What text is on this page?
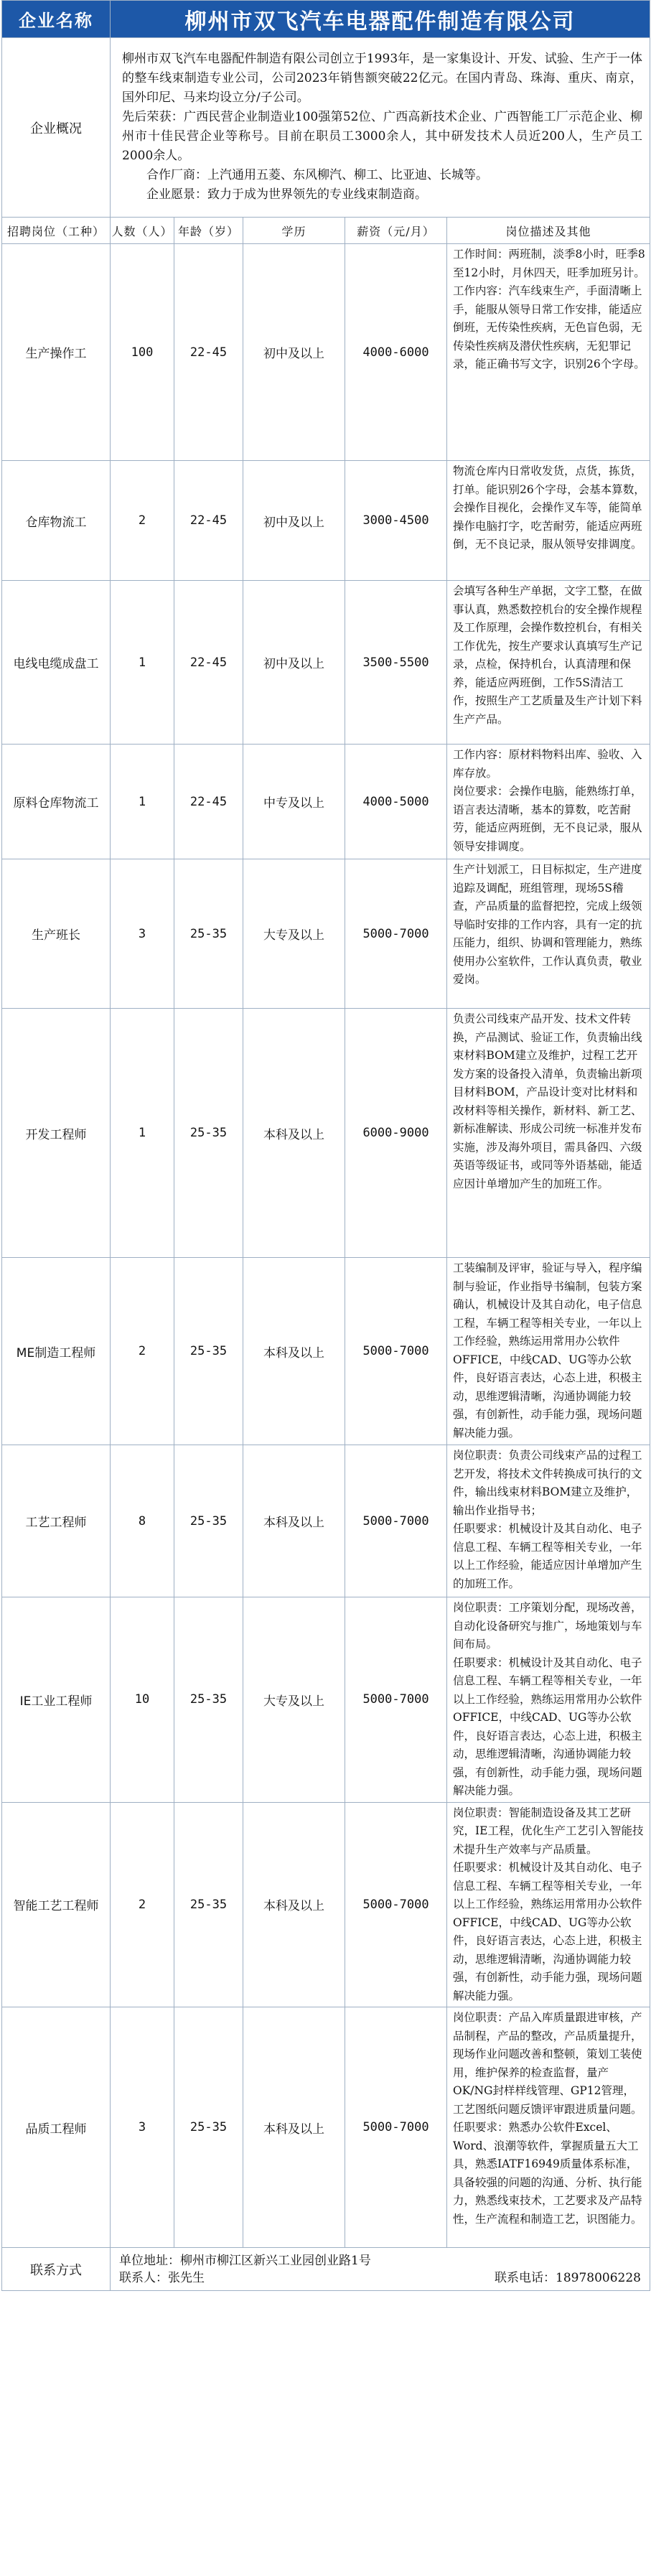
企业名称	柳州市双飞汽车电器配件制造有限公司				
企业概况	柳州市双飞汽车电器配件制造有限公司创立于1993年，是一家集设计、开发、试验、生产于一体的整车线束制造专业公司，公司2023年销售额突破22亿元。在国内青岛、珠海、重庆、南京，国外印尼、马来均设立分/子公司。

先后荣获：广西民营企业制造业100强第52位、广西高新技术企业、广西智能工厂示范企业、柳州市十佳民营企业等称号。目前在职员工3000余人，其中研发技术人员近200人，生产员工2000余人。

合作厂商：上汽通用五菱、东风柳汽、柳工、比亚迪、长城等。

企业愿景：致力于成为世界领先的专业线束制造商。				

招聘岗位（工种）	人数（人）	年龄（岁）	学历	薪资（元/月）	岗位描述及其他
生产操作工	100	22-45	初中及以上	4000-6000	工作时间：两班制，淡季8小时，旺季8至12小时，月休四天，旺季加班另计。

工作内容：汽车线束生产，手面清晰上手，能服从领导日常工作安排，能适应倒班，无传染性疾病，无色盲色弱，无传染性疾病及潜伏性疾病，无犯罪记录，能正确书写文字，识别26个字母。

仓库物流工	2	22-45	初中及以上	3000-4500	物流仓库内日常收发货，点货，拣货，打单。能识别26个字母，会基本算数，会操作目视化，会操作叉车等，能简单操作电脑打字，吃苦耐劳，能适应两班倒，无不良记录，服从领导安排调度。

电线电缆成盘工	1	22-45	初中及以上	3500-5500	会填写各种生产单据，文字工整，在做事认真，熟悉数控机台的安全操作规程及工作原理，会操作数控机台，有相关工作优先，按生产要求认真填写生产记录，点检，保持机台，认真清理和保养，能适应两班倒，工作5S清洁工作，按照生产工艺质量及生产计划下料生产产品。

原料仓库物流工	1	22-45	中专及以上	4000-5000	工作内容：原材料物料出库、验收、入库存放。

岗位要求：会操作电脑，能熟练打单，语言表达清晰，基本的算数，吃苦耐劳，能适应两班倒，无不良记录，服从领导安排调度。

生产班长	3	25-35	大专及以上	5000-7000	生产计划派工，日目标拟定，生产进度追踪及调配，班组管理，现场5S稽查，产品质量的监督把控，完成上级领导临时安排的工作内容，具有一定的抗压能力，组织、协调和管理能力，熟练使用办公室软件，工作认真负责，敬业爱岗。

开发工程师	1	25-35	本科及以上	6000-9000	负责公司线束产品开发、技术文件转换，产品测试、验证工作，负责输出线束材料BOM建立及维护，过程工艺开发方案的设备投入清单，负责输出新项目材料BOM，产品设计变对比材料和改材料等相关操作，新材料、新工艺、新标准解读、形成公司统一标准并发布实施，涉及海外项目，需具备四、六级英语等级证书，或同等外语基础，能适应因计单增加产生的加班工作。

ME制造工程师	2	25-35	本科及以上	5000-7000	工装编制及评审，验证与导入，程序编制与验证，作业指导书编制，包装方案确认，机械设计及其自动化，电子信息工程，车辆工程等相关专业，一年以上工作经验，熟练运用常用办公软件OFFICE，中线CAD、UG等办公软件，良好语言表达，心态上进，积极主动，思维逻辑清晰，沟通协调能力较强，有创新性，动手能力强，现场问题解决能力强。

工艺工程师	8	25-35	本科及以上	5000-7000	岗位职责：负责公司线束产品的过程工艺开发，将技术文件转换成可执行的文件，输出线束材料BOM建立及维护，输出作业指导书；

任职要求：机械设计及其自动化、电子信息工程、车辆工程等相关专业，一年以上工作经验，能适应因计单增加产生的加班工作。

IE工业工程师	10	25-35	大专及以上	5000-7000	岗位职责：工序策划分配，现场改善，自动化设备研究与推广，场地策划与车间布局。

任职要求：机械设计及其自动化、电子信息工程、车辆工程等相关专业，一年以上工作经验，熟练运用常用办公软件 OFFICE，中线CAD、UG等办公软件，良好语言表达，心态上进，积极主动，思维逻辑清晰，沟通协调能力较强，有创新性，动手能力强，现场问题解决能力强。

智能工艺工程师	2	25-35	本科及以上	5000-7000	岗位职责：智能制造设备及其工艺研究，IE工程，优化生产工艺引入智能技术提升生产效率与产品质量。

任职要求：机械设计及其自动化、电子信息工程、车辆工程等相关专业，一年以上工作经验，熟练运用常用办公软件OFFICE，中线CAD、UG等办公软件，良好语言表达，心态上进，积极主动，思维逻辑清晰，沟通协调能力较强，有创新性，动手能力强，现场问题解决能力强。

品质工程师	3	25-35	本科及以上	5000-7000	岗位职责：产品入库质量跟进审核，产品制程，产品的整改，产品质量提升，现场作业问题改善和整顿，策划工装使用，维护保养的检查监督，量产OK/NG封样样线管理、GP12管理，工艺图纸问题反馈评审跟进质量问题。

任职要求：熟悉办公软件Excel、Word、浪潮等软件，掌握质量五大工具，熟悉IATF16949质量体系标准，具备较强的问题的沟通、分析、执行能力，熟悉线束技术，工艺要求及产品特性，生产流程和制造工艺，识图能力。

联系方式	单位地址：柳州市柳江区新兴工业园创业路1号
联系人：张先生 联系电话：18978006228				
